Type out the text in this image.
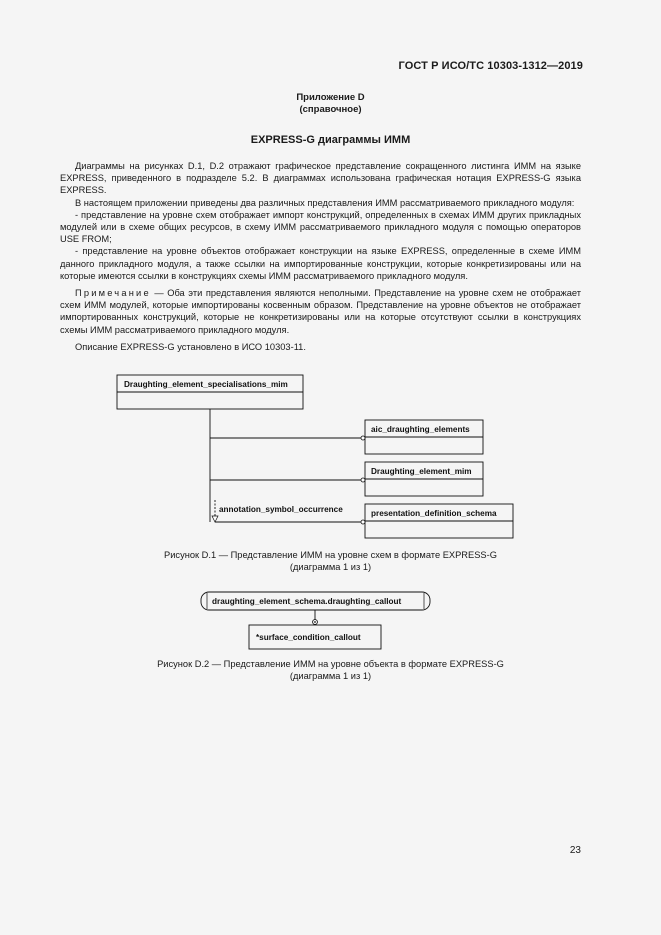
ГОСТ Р ИСО/ТС 10303-1312—2019
Приложение D
(справочное)
EXPRESS-G диаграммы ИММ

Диаграммы на рисунках D.1, D.2 отражают графическое представление сокращенного листинга ИММ на языке EXPRESS, приведенного в подразделе 5.2. В диаграммах использована графическая нотация EXPRESS-G языка EXPRESS.

В настоящем приложении приведены два различных представления ИММ рассматриваемого прикладного модуля:

- представление на уровне схем отображает импорт конструкций, определенных в схемах ИММ других прикладных модулей или в схеме общих ресурсов, в схему ИММ рассматриваемого прикладного модуля с помощью операторов USE FROM;

- представление на уровне объектов отображает конструкции на языке EXPRESS, определенные в схеме ИММ данного прикладного модуля, а также ссылки на импортированные конструкции, которые конкретизированы или на которые имеются ссылки в конструкциях схемы ИММ рассматриваемого прикладного модуля.

Примечание — Оба эти представления являются неполными. Представление на уровне схем не отображает схем ИММ модулей, которые импортированы косвенным образом. Представление на уровне объектов не отображает импортированных конструкций, которые не конкретизированы или на которые отсутствуют ссылки в конструкциях схемы ИММ рассматриваемого прикладного модуля.

Описание EXPRESS-G установлено в ИСО 10303-11.

Draughting_element_specialisations_mim
aic_draughting_elements
Draughting_element_mim
annotation_symbol_occurrence	presentation_definition_schema
Рисунок D.1 — Представление ИММ на уровне схем в формате EXPRESS-G
(диаграмма 1 из 1)
draughting_element_schema.draughting_callout
*surface_condition_callout
Рисунок D.2 — Представление ИММ на уровне объекта в формате EXPRESS-G
(диаграмма 1 из 1)
23
